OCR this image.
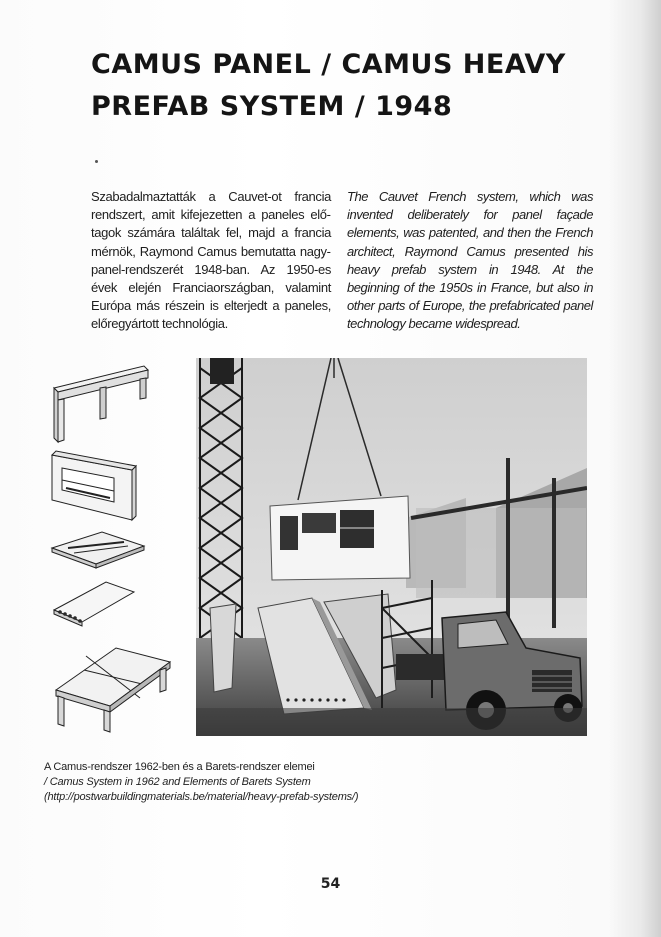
CAMUS PANEL / CAMUS HEAVY PREFAB SYSTEM / 1948

Szabadalmaztatták a Cauvet-ot francia rendszert, amit kifejezetten a paneles előtagok számára találtak fel, majd a francia mérnök, Raymond Camus bemutatta nagypanel-rendszerét 1948-ban. Az 1950-es évek elején Franciaországban, valamint Európa más részein is elterjedt a paneles, előregyártott technológia.

The Cauvet French system, which was invented deliberately for panel façade elements, was patented, and then the French architect, Raymond Camus presented his heavy prefab system in 1948. At the beginning of the 1950s in France, but also in other parts of Europe, the prefabricated panel technology became widespread.

A Camus-rendszer 1962-ben és a Barets-rendszer elemei
/ Camus System in 1962 and Elements of Barets System
(http://postwarbuildingmaterials.be/material/heavy-prefab-systems/)
54
